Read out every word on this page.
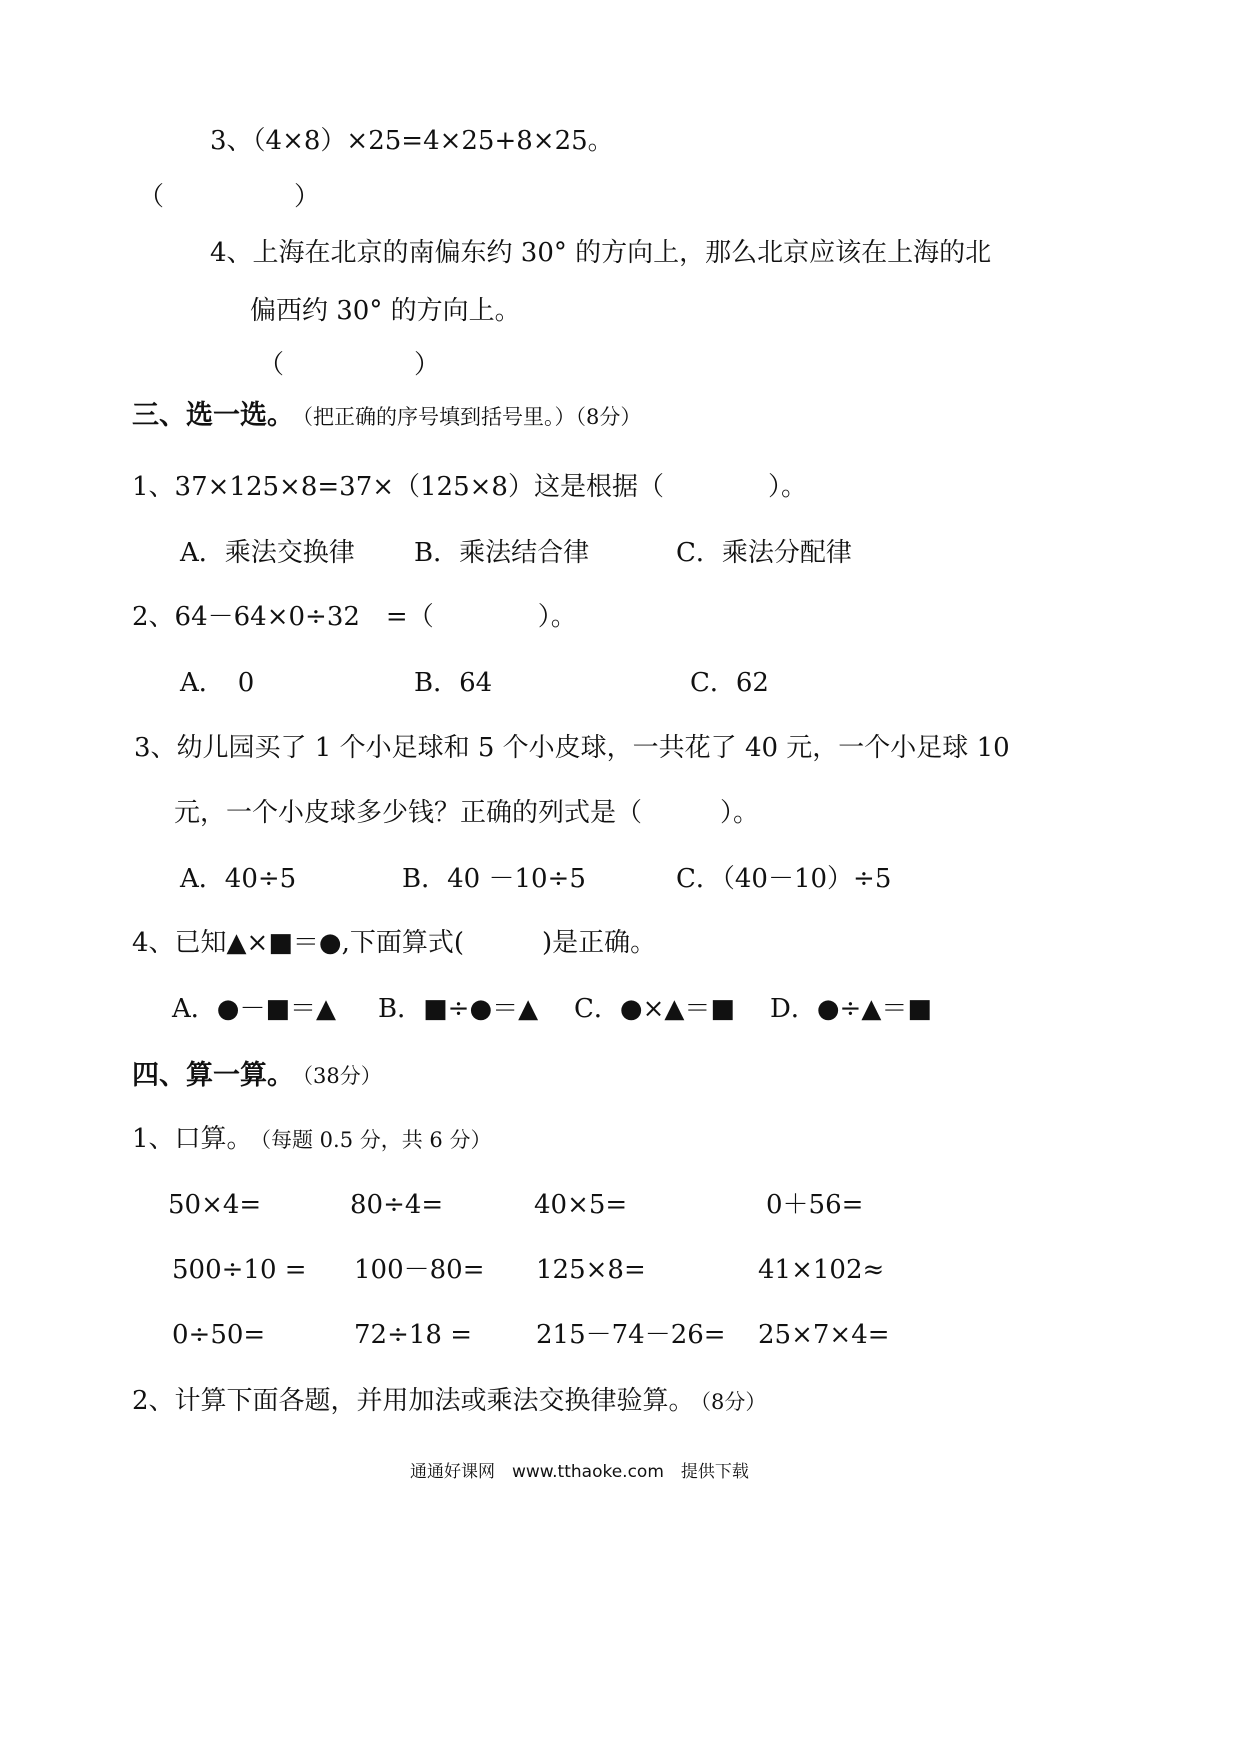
3、（4×8）×25=4×25+8×25。
（　　　　　）
4、上海在北京的南偏东约 30° 的方向上，那么北京应该在上海的北
偏西约 30° 的方向上。
（　　　　　）
三、选一选。
（把正确的序号填到括号里。）（8分）
1、37×125×8=37×（125×8）这是根据（　　　　）。
A．乘法交换律 B．乘法结合律	C．乘法分配律
2、64－64×0÷32　=（　　　　）。
A．　0	B．64	C．62
3、幼儿园买了 1 个小足球和 5 个小皮球，一共花了 40 元，一个小足球 10
元，一个小皮球多少钱？正确的列式是（　　　）。
A．40÷5	B．40 －10÷5	C．（40－10）÷5
4、已知▲×■＝●,下面算式(　　　)是正确。
A．●－■＝▲ B．■÷●＝▲ C．●×▲＝■ D．●÷▲＝■
四、算一算。
（38分）
1、口算。
（每题 0.5 分，共 6 分）
50×4=	80÷4=	40×5=	0＋56=
500÷10 = 100－80= 125×8=	41×102≈
0÷50=	72÷18 = 215－74－26= 25×7×4=
2、计算下面各题，并用加法或乘法交换律验算。
（8分）
通通好课网　www.tthaoke.com　提供下载
